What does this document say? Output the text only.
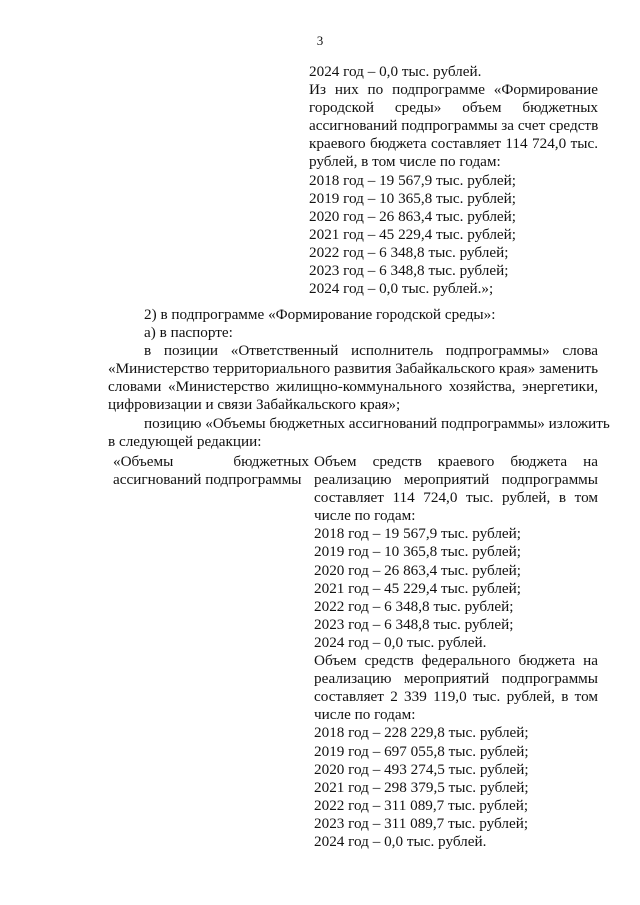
3
2024 год – 0,0 тыс. рублей.
Из них по подпрограмме «Формирование
городской среды» объем бюджетных
ассигнований подпрограммы за счет средств
краевого бюджета составляет 114 724,0 тыс.
рублей, в том числе по годам:
2018 год – 19 567,9 тыс. рублей;
2019 год – 10 365,8 тыс. рублей;
2020 год – 26 863,4 тыс. рублей;
2021 год – 45 229,4 тыс. рублей;
2022 год – 6 348,8 тыс. рублей;
2023 год – 6 348,8 тыс. рублей;
2024 год – 0,0 тыс. рублей.»;
2) в подпрограмме «Формирование городской среды»:
а) в паспорте:
в позиции «Ответственный исполнитель подпрограммы» слова
«Министерство территориального развития Забайкальского края» заменить
словами «Министерство жилищно-коммунального хозяйства, энергетики,
цифровизации и связи Забайкальского края»;
позицию «Объемы бюджетных ассигнований подпрограммы» изложить
в следующей редакции:
«Объемы бюджетных
ассигнований подпрограммы
Объем средств краевого бюджета на
реализацию мероприятий подпрограммы
составляет 114 724,0 тыс. рублей, в том
числе по годам:
2018 год – 19 567,9 тыс. рублей;
2019 год – 10 365,8 тыс. рублей;
2020 год – 26 863,4 тыс. рублей;
2021 год – 45 229,4 тыс. рублей;
2022 год – 6 348,8 тыс. рублей;
2023 год – 6 348,8 тыс. рублей;
2024 год – 0,0 тыс. рублей.
Объем средств федерального бюджета на
реализацию мероприятий подпрограммы
составляет 2 339 119,0 тыс. рублей, в том
числе по годам:
2018 год – 228 229,8 тыс. рублей;
2019 год – 697 055,8 тыс. рублей;
2020 год – 493 274,5 тыс. рублей;
2021 год – 298 379,5 тыс. рублей;
2022 год – 311 089,7 тыс. рублей;
2023 год – 311 089,7 тыс. рублей;
2024 год – 0,0 тыс. рублей.
